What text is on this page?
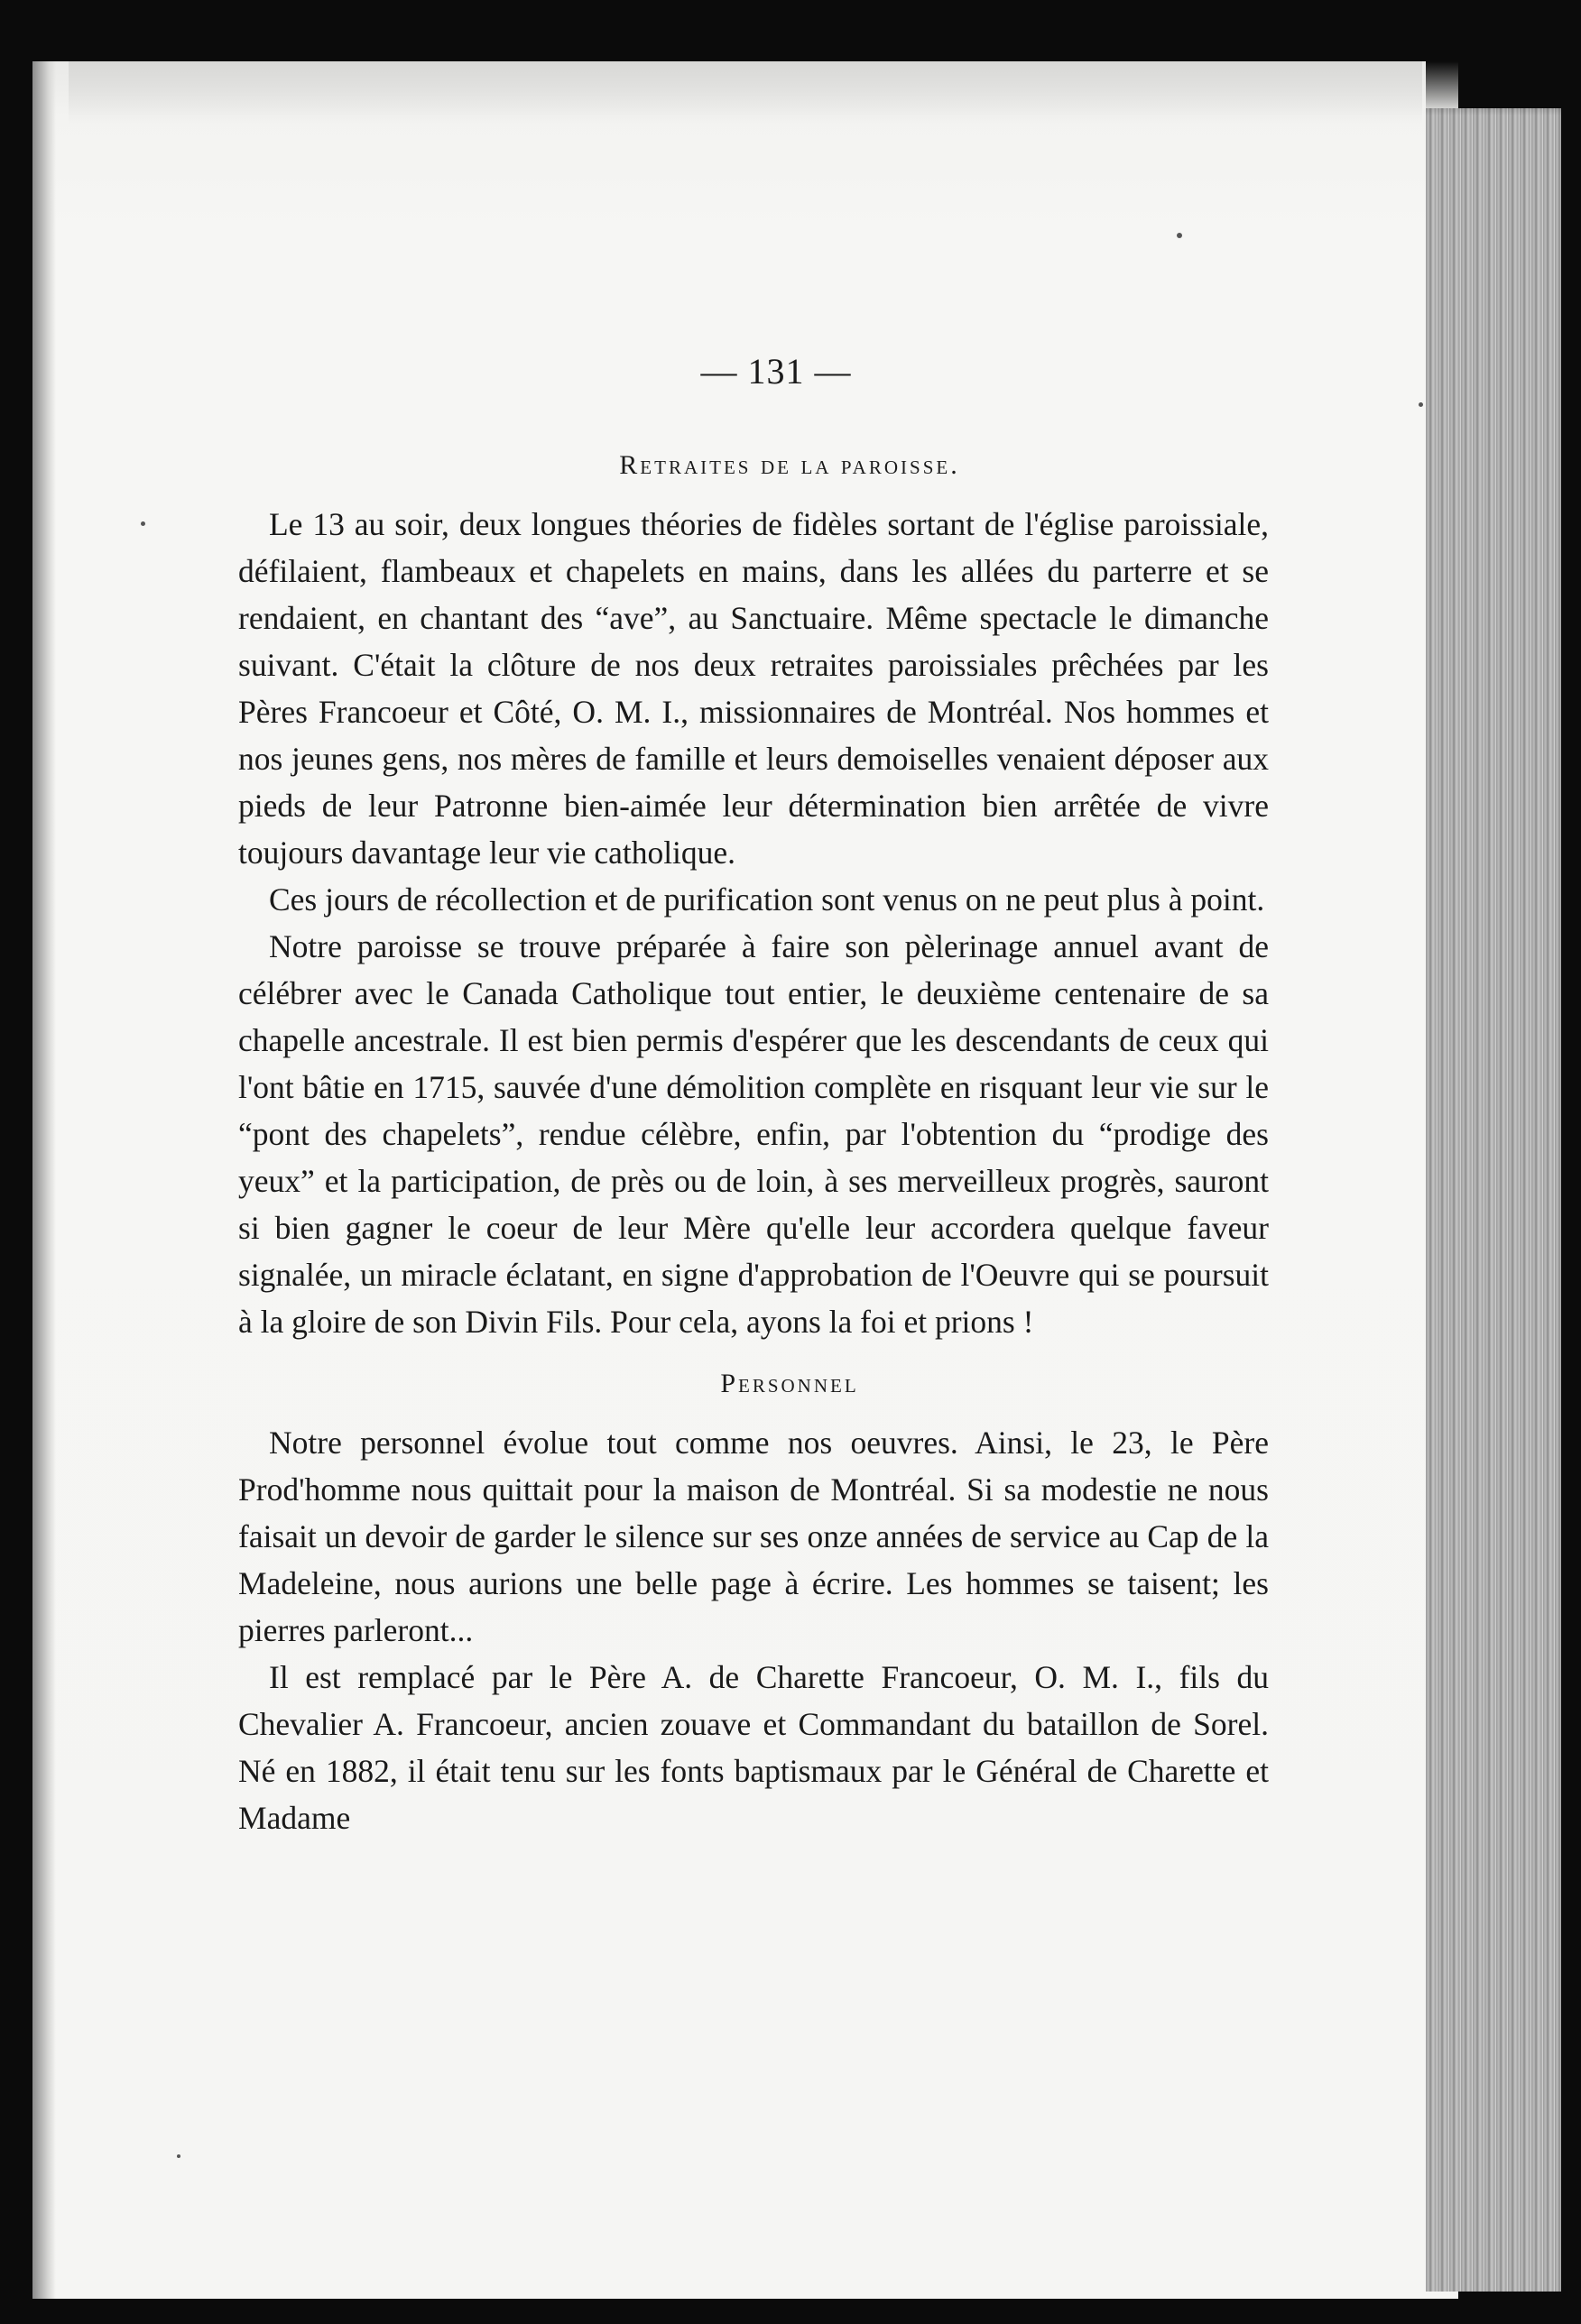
— 131 —
Retraites de la paroisse.

Le 13 au soir, deux longues théories de fidèles sortant de l'église paroissiale, défilaient, flambeaux et chapelets en mains, dans les allées du parterre et se rendaient, en chantant des “ave”, au Sanctuaire. Même spectacle le dimanche suivant. C'était la clôture de nos deux retraites paroissiales prêchées par les Pères Francoeur et Côté, O. M. I., missionnaires de Montréal. Nos hommes et nos jeunes gens, nos mères de famille et leurs demoiselles venaient déposer aux pieds de leur Patronne bien-aimée leur détermination bien arrêtée de vivre toujours davantage leur vie catholique.

Ces jours de récollection et de purification sont venus on ne peut plus à point.

Notre paroisse se trouve préparée à faire son pèlerinage annuel avant de célébrer avec le Canada Catholique tout entier, le deuxième centenaire de sa chapelle ancestrale. Il est bien permis d'espérer que les descendants de ceux qui l'ont bâtie en 1715, sauvée d'une démolition complète en risquant leur vie sur le “pont des chapelets”, rendue célèbre, enfin, par l'obtention du “prodige des yeux” et la participation, de près ou de loin, à ses merveilleux progrès, sauront si bien gagner le coeur de leur Mère qu'elle leur accordera quelque faveur signalée, un miracle éclatant, en signe d'approbation de l'Oeuvre qui se poursuit à la gloire de son Divin Fils. Pour cela, ayons la foi et prions !

Personnel

Notre personnel évolue tout comme nos oeuvres. Ainsi, le 23, le Père Prod'homme nous quittait pour la maison de Montréal. Si sa modestie ne nous faisait un devoir de garder le silence sur ses onze années de service au Cap de la Madeleine, nous aurions une belle page à écrire. Les hommes se taisent; les pierres parleront...

Il est remplacé par le Père A. de Charette Francoeur, O. M. I., fils du Chevalier A. Francoeur, ancien zouave et Commandant du bataillon de Sorel. Né en 1882, il était tenu sur les fonts baptismaux par le Général de Charette et Madame
